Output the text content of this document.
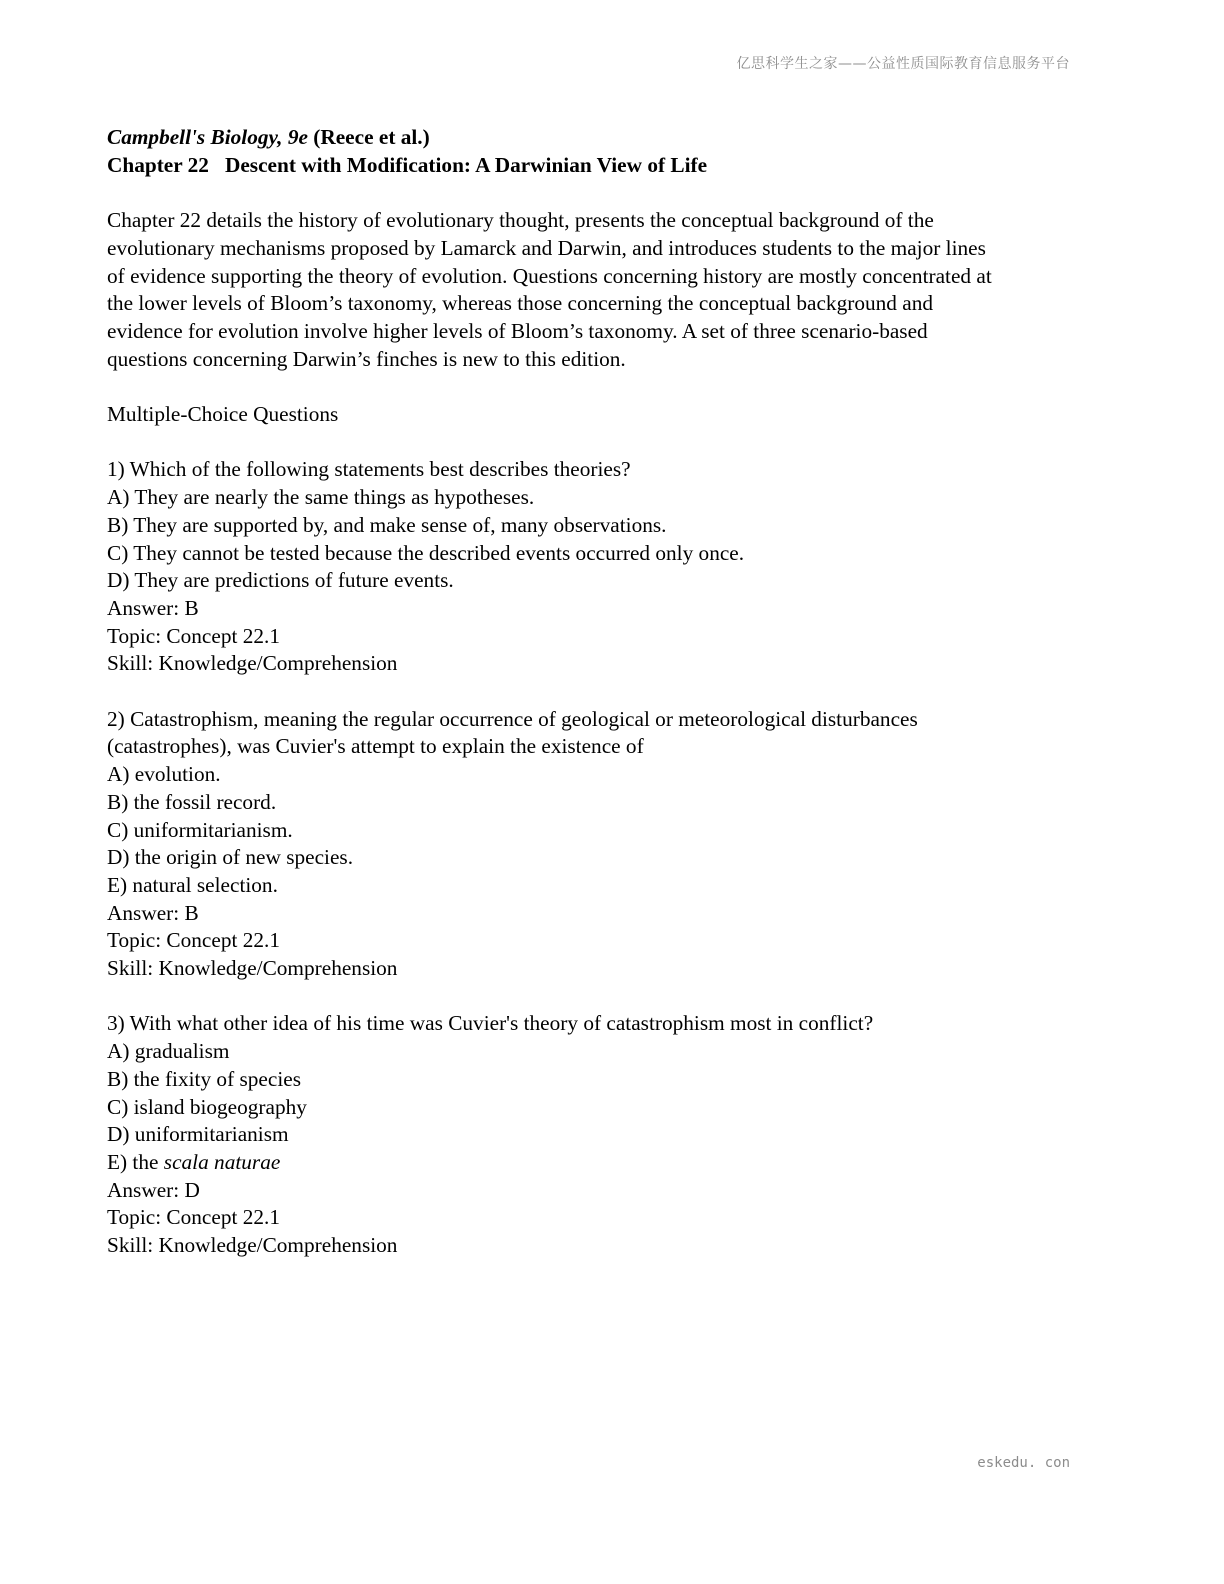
亿思科学生之家——公益性质国际教育信息服务平台
Campbell's Biology, 9e (Reece et al.)
Chapter 22 Descent with Modification: A Darwinian View of Life
Chapter 22 details the history of evolutionary thought, presents the conceptual background of the
evolutionary mechanisms proposed by Lamarck and Darwin, and introduces students to the major lines
of evidence supporting the theory of evolution. Questions concerning history are mostly concentrated at
the lower levels of Bloom’s taxonomy, whereas those concerning the conceptual background and
evidence for evolution involve higher levels of Bloom’s taxonomy. A set of three scenario-based
questions concerning Darwin’s finches is new to this edition.
Multiple-Choice Questions
1) Which of the following statements best describes theories?
A) They are nearly the same things as hypotheses.
B) They are supported by, and make sense of, many observations.
C) They cannot be tested because the described events occurred only once.
D) They are predictions of future events.
Answer: B
Topic: Concept 22.1
Skill: Knowledge/Comprehension
2) Catastrophism, meaning the regular occurrence of geological or meteorological disturbances
(catastrophes), was Cuvier's attempt to explain the existence of
A) evolution.
B) the fossil record.
C) uniformitarianism.
D) the origin of new species.
E) natural selection.
Answer: B
Topic: Concept 22.1
Skill: Knowledge/Comprehension
3) With what other idea of his time was Cuvier's theory of catastrophism most in conflict?
A) gradualism
B) the fixity of species
C) island biogeography
D) uniformitarianism
E) the scala naturae
Answer: D
Topic: Concept 22.1
Skill: Knowledge/Comprehension
eskedu. con
